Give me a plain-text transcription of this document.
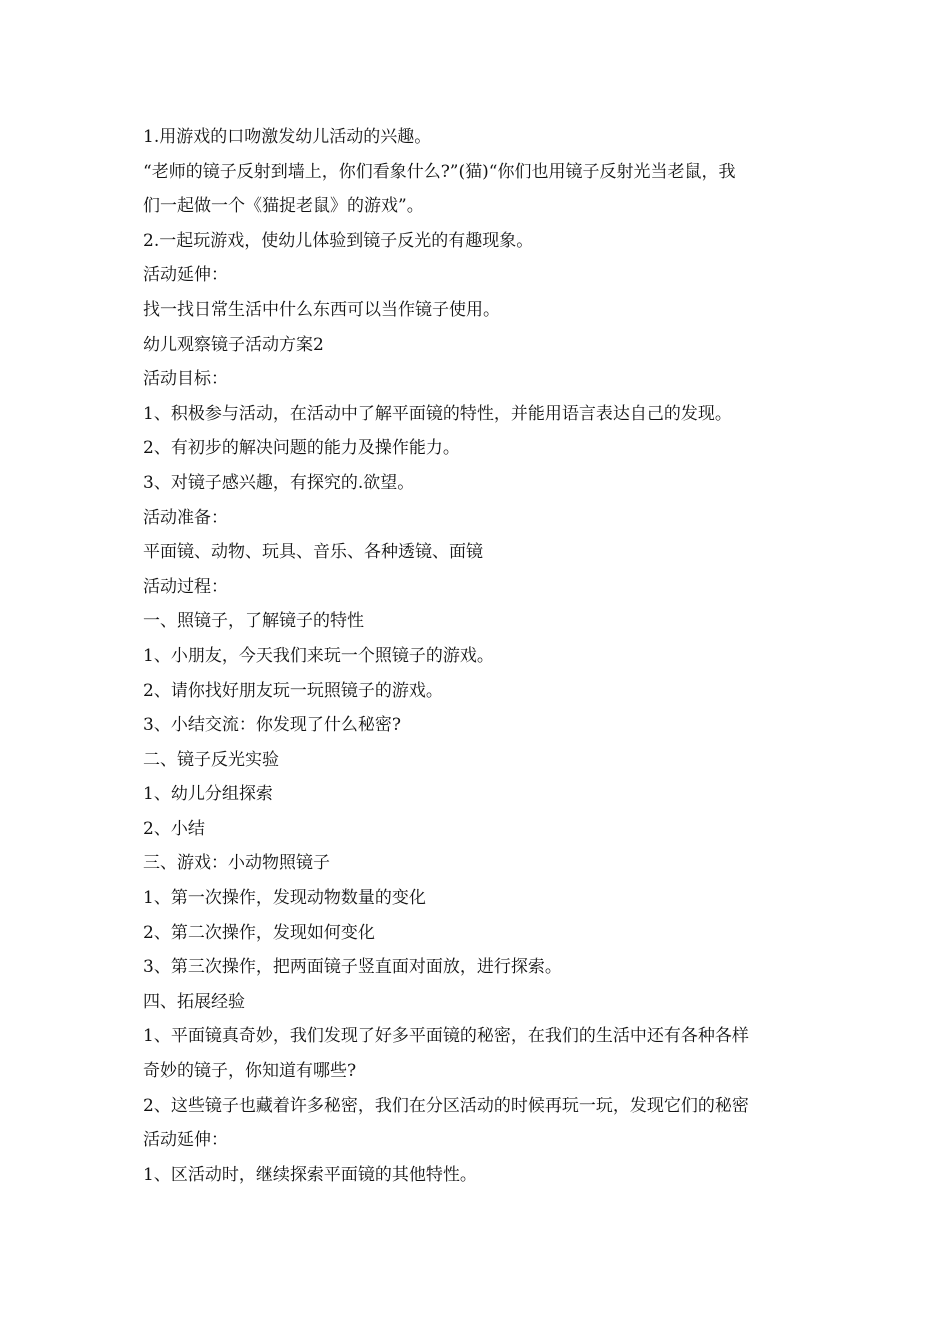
1.用游戏的口吻激发幼儿活动的兴趣。

“老师的镜子反射到墙上，你们看象什么?”(猫)“你们也用镜子反射光当老鼠，我

们一起做一个《猫捉老鼠》的游戏”。

2.一起玩游戏，使幼儿体验到镜子反光的有趣现象。

活动延伸：

找一找日常生活中什么东西可以当作镜子使用。

幼儿观察镜子活动方案2

活动目标：

1、积极参与活动，在活动中了解平面镜的特性，并能用语言表达自己的发现。

2、有初步的解决问题的能力及操作能力。

3、对镜子感兴趣，有探究的.欲望。

活动准备：

平面镜、动物、玩具、音乐、各种透镜、面镜

活动过程：

一、照镜子，了解镜子的特性

1、小朋友，今天我们来玩一个照镜子的游戏。

2、请你找好朋友玩一玩照镜子的游戏。

3、小结交流：你发现了什么秘密?

二、镜子反光实验

1、幼儿分组探索

2、小结

三、游戏：小动物照镜子

1、第一次操作，发现动物数量的变化

2、第二次操作，发现如何变化

3、第三次操作，把两面镜子竖直面对面放，进行探索。

四、拓展经验

1、平面镜真奇妙，我们发现了好多平面镜的秘密，在我们的生活中还有各种各样

奇妙的镜子，你知道有哪些?

2、这些镜子也藏着许多秘密，我们在分区活动的时候再玩一玩，发现它们的秘密

活动延伸：

1、区活动时，继续探索平面镜的其他特性。
